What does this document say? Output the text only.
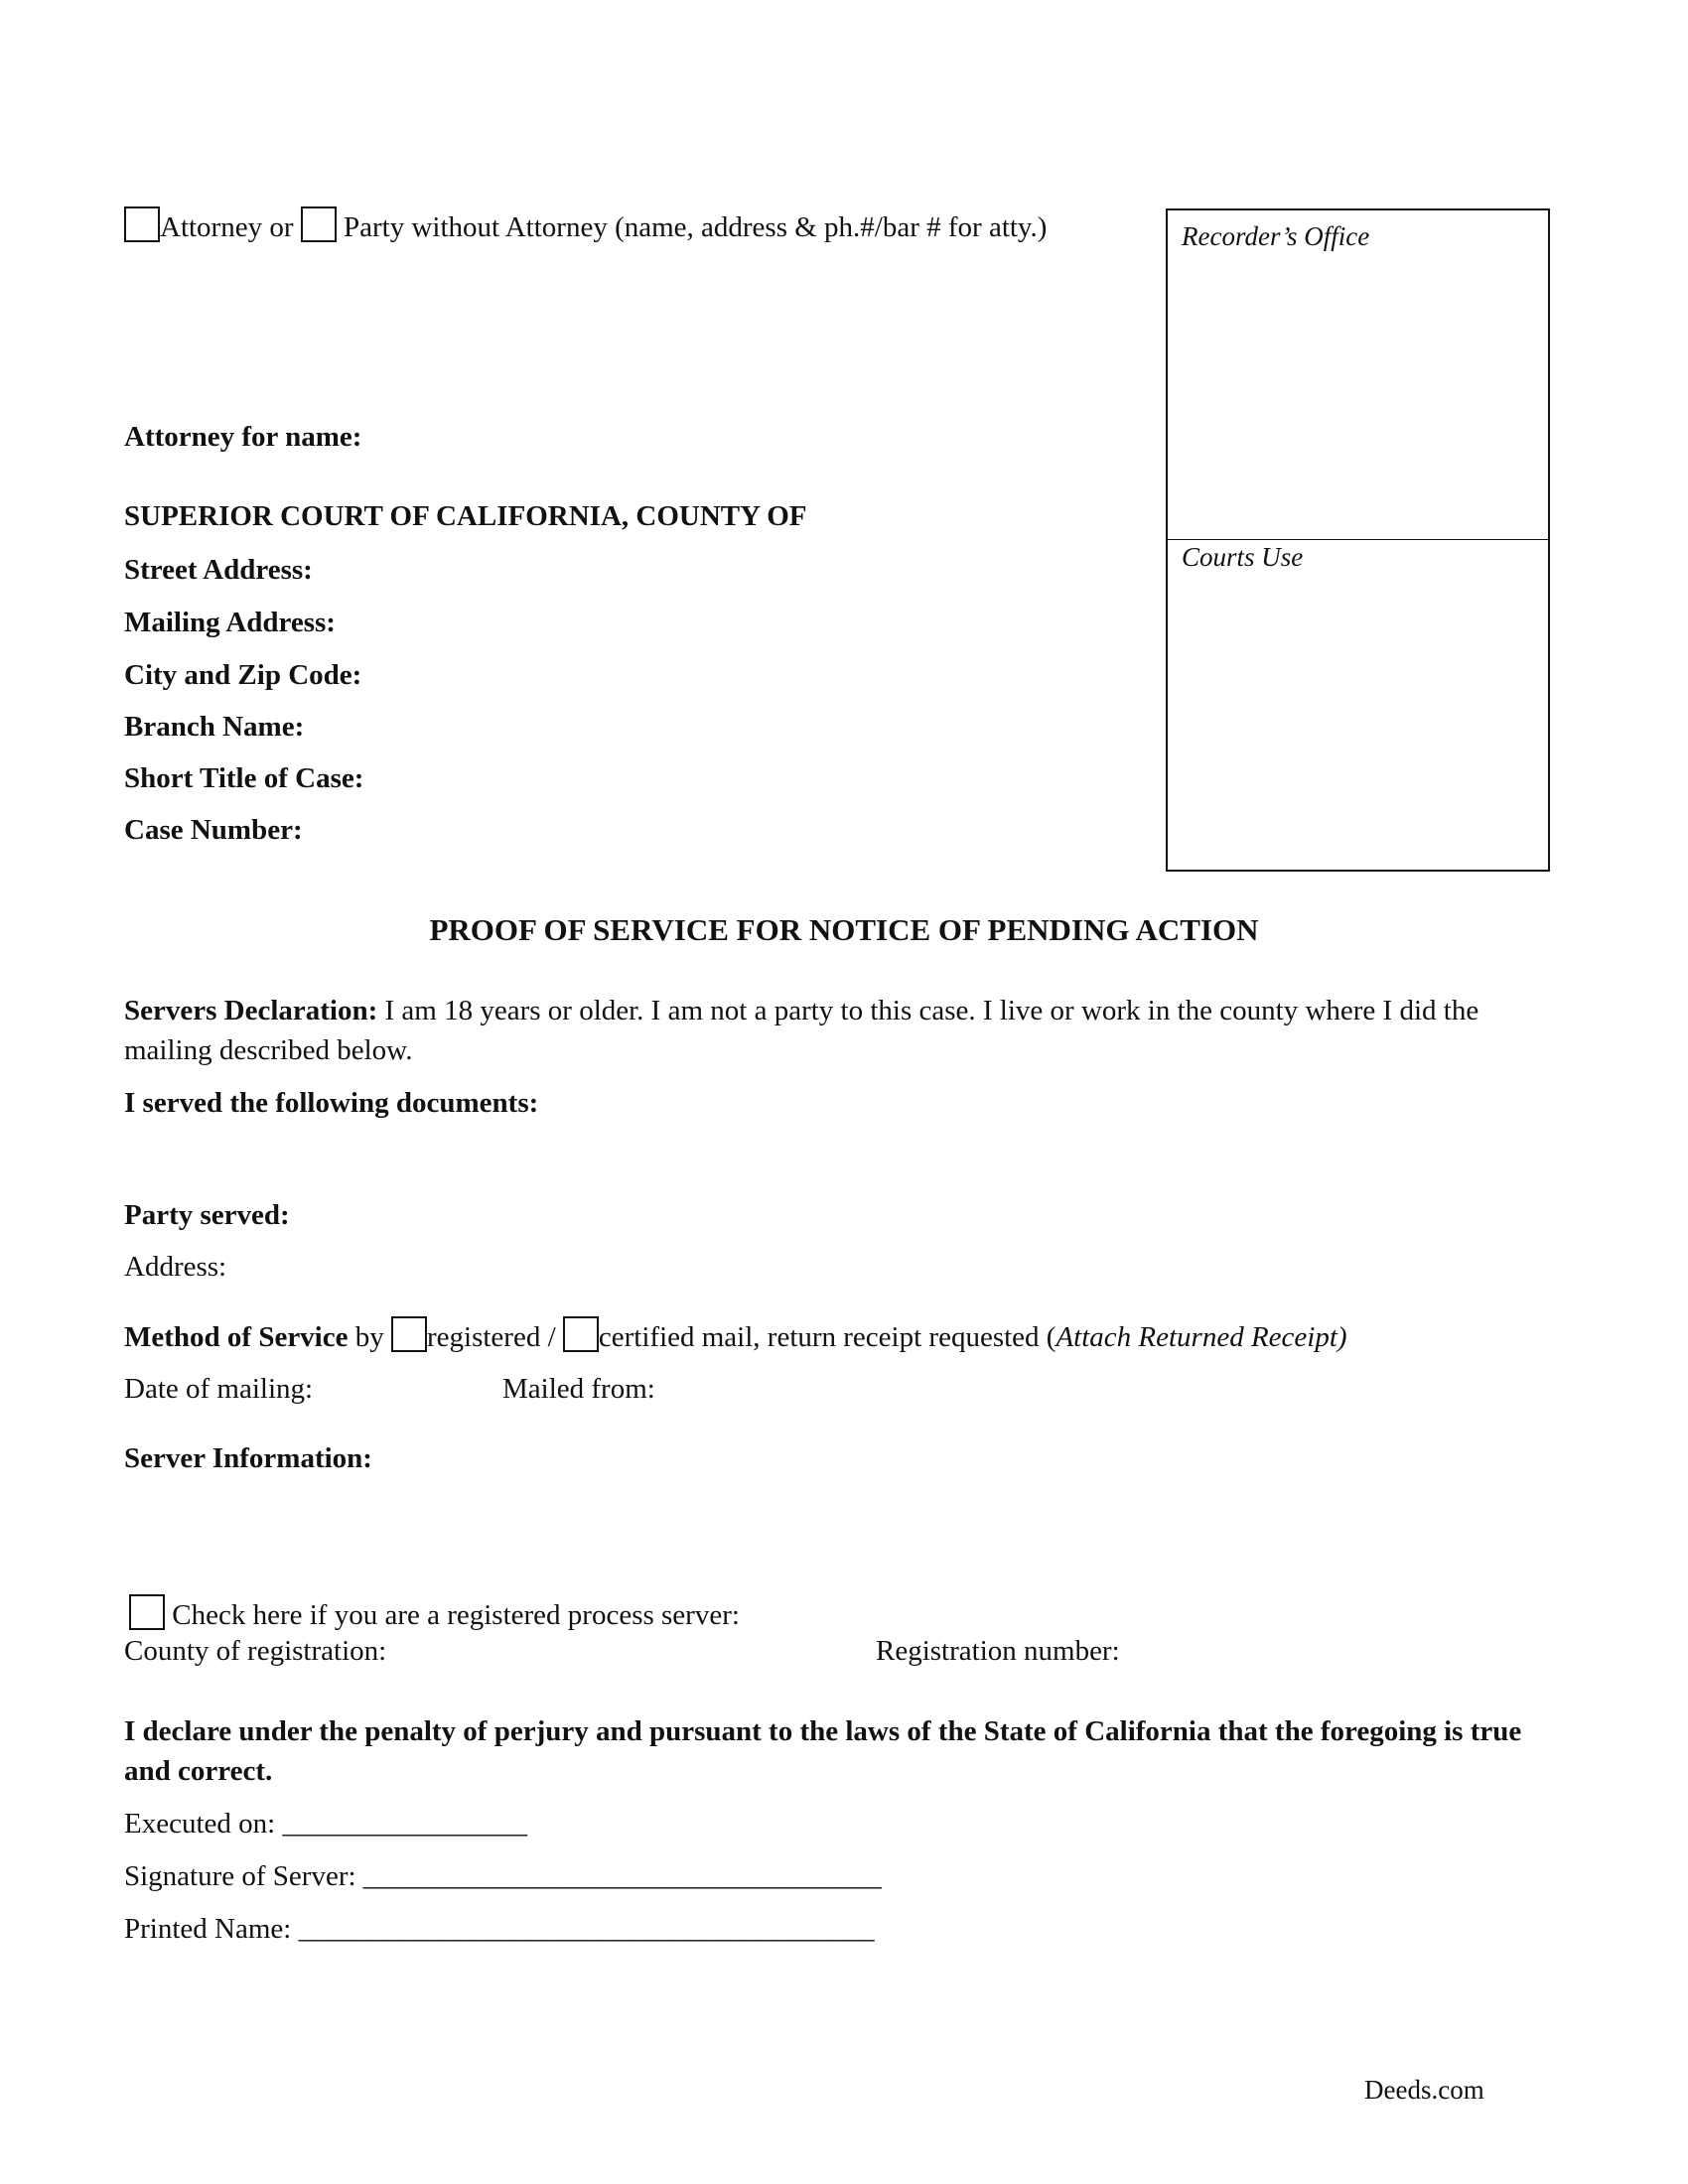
Attorney or Party without Attorney (name, address & ph.#/bar # for atty.)
Attorney for name:
SUPERIOR COURT OF CALIFORNIA, COUNTY OF
Street Address:
Mailing Address:
City and Zip Code:
Branch Name:
Short Title of Case:
Case Number:
Recorder’s Office
Courts Use
PROOF OF SERVICE FOR NOTICE OF PENDING ACTION
Servers Declaration: I am 18 years or older. I am not a party to this case. I live or work in the county where I did the mailing described below.
I served the following documents:
Party served:
Address:
Method of Service by registered / certified mail, return receipt requested (Attach Returned Receipt)
Date of mailing:	Mailed from:
Server Information:
Check here if you are a registered process server:
County of registration:	Registration number:
I declare under the penalty of perjury and pursuant to the laws of the State of California that the foregoing is true and correct.
Executed on: _________________
Signature of Server: ____________________________________
Printed Name: ________________________________________
Deeds.com
